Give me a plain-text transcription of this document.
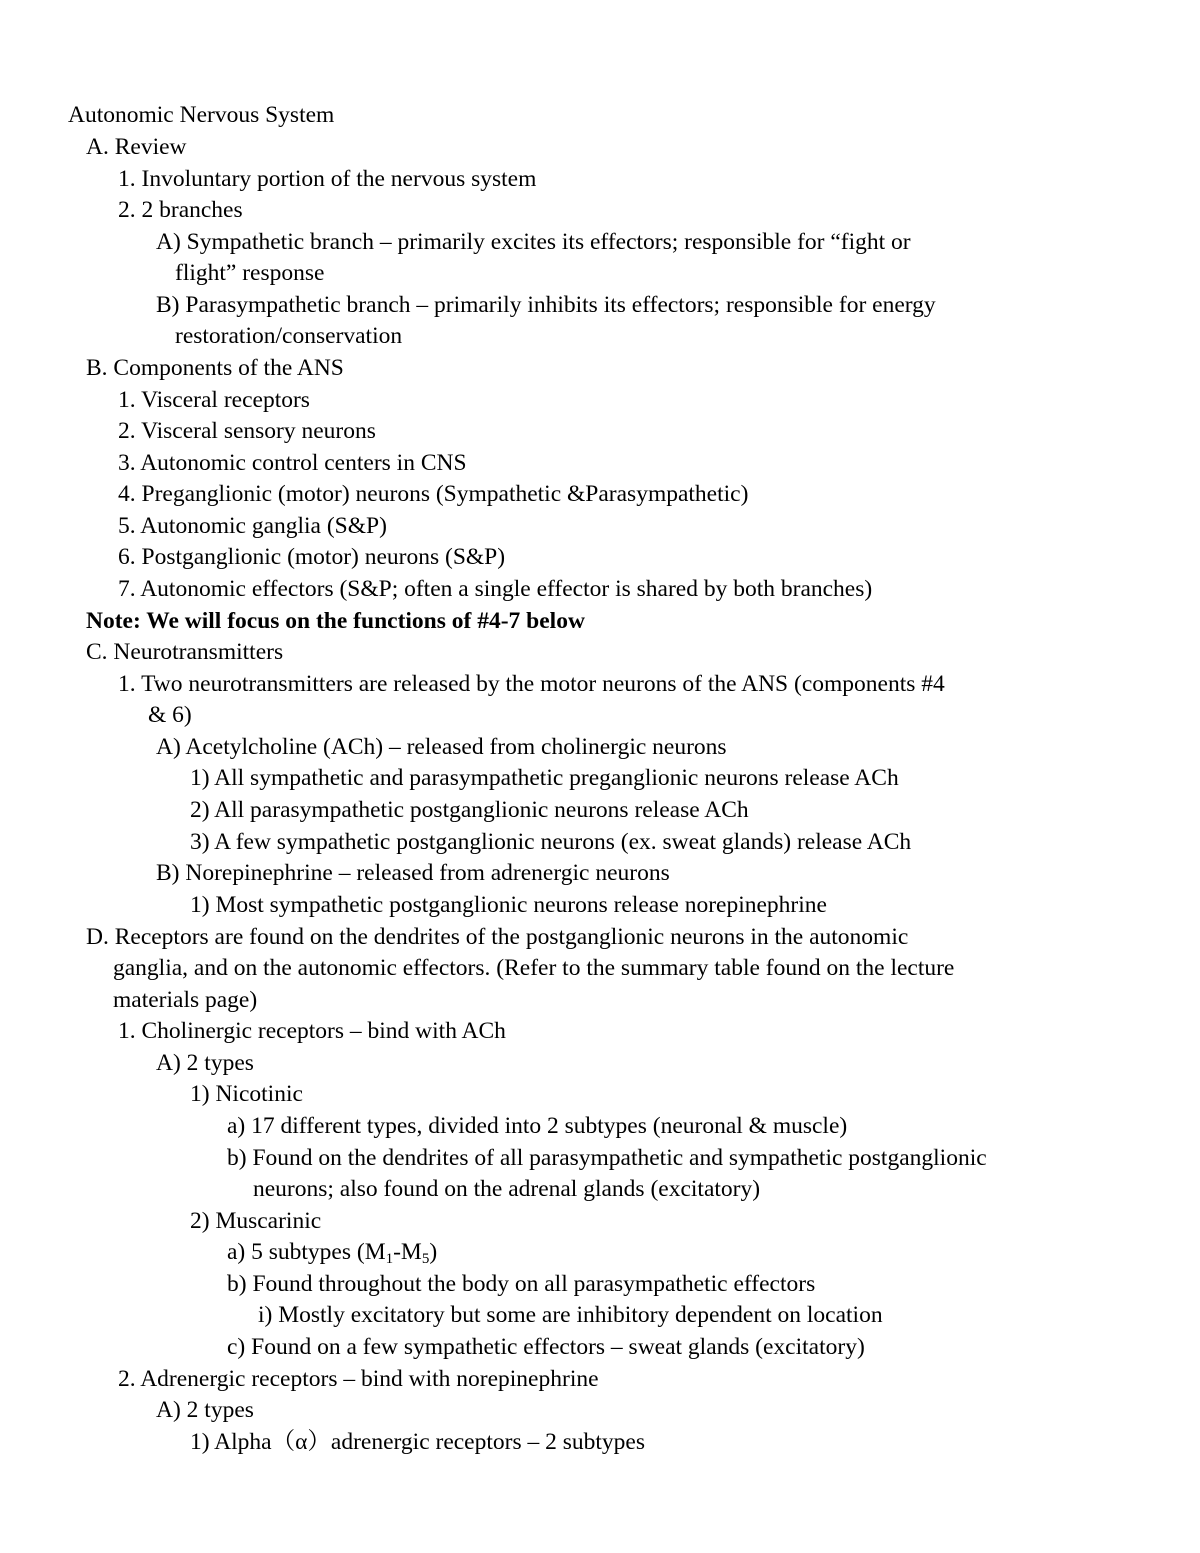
Autonomic Nervous System

A. Review

1. Involuntary portion of the nervous system

2. 2 branches

A) Sympathetic branch – primarily excites its effectors; responsible for “fight or

flight” response

B) Parasympathetic branch – primarily inhibits its effectors; responsible for energy

restoration/conservation

B. Components of the ANS

1. Visceral receptors

2. Visceral sensory neurons

3. Autonomic control centers in CNS

4. Preganglionic (motor) neurons (Sympathetic &Parasympathetic)

5. Autonomic ganglia (S&P)

6. Postganglionic (motor) neurons (S&P)

7. Autonomic effectors (S&P; often a single effector is shared by both branches)

Note: We will focus on the functions of #4-7 below

C. Neurotransmitters

1. Two neurotransmitters are released by the motor neurons of the ANS (components #4

& 6)

A) Acetylcholine (ACh) – released from cholinergic neurons

1) All sympathetic and parasympathetic preganglionic neurons release ACh

2) All parasympathetic postganglionic neurons release ACh

3) A few sympathetic postganglionic neurons (ex. sweat glands) release ACh

B) Norepinephrine – released from adrenergic neurons

1) Most sympathetic postganglionic neurons release norepinephrine

D. Receptors are found on the dendrites of the postganglionic neurons in the autonomic

ganglia, and on the autonomic effectors. (Refer to the summary table found on the lecture

materials page)

1. Cholinergic receptors – bind with ACh

A) 2 types

1) Nicotinic

a) 17 different types, divided into 2 subtypes (neuronal & muscle)

b) Found on the dendrites of all parasympathetic and sympathetic postganglionic

neurons; also found on the adrenal glands (excitatory)

2) Muscarinic

a) 5 subtypes $(M_1-M_5)$

b) Found throughout the body on all parasympathetic effectors

i) Mostly excitatory but some are inhibitory dependent on location

c) Found on a few sympathetic effectors – sweat glands (excitatory)

2. Adrenergic receptors – bind with norepinephrine

A) 2 types

1) Alpha（α）adrenergic receptors – 2 subtypes
